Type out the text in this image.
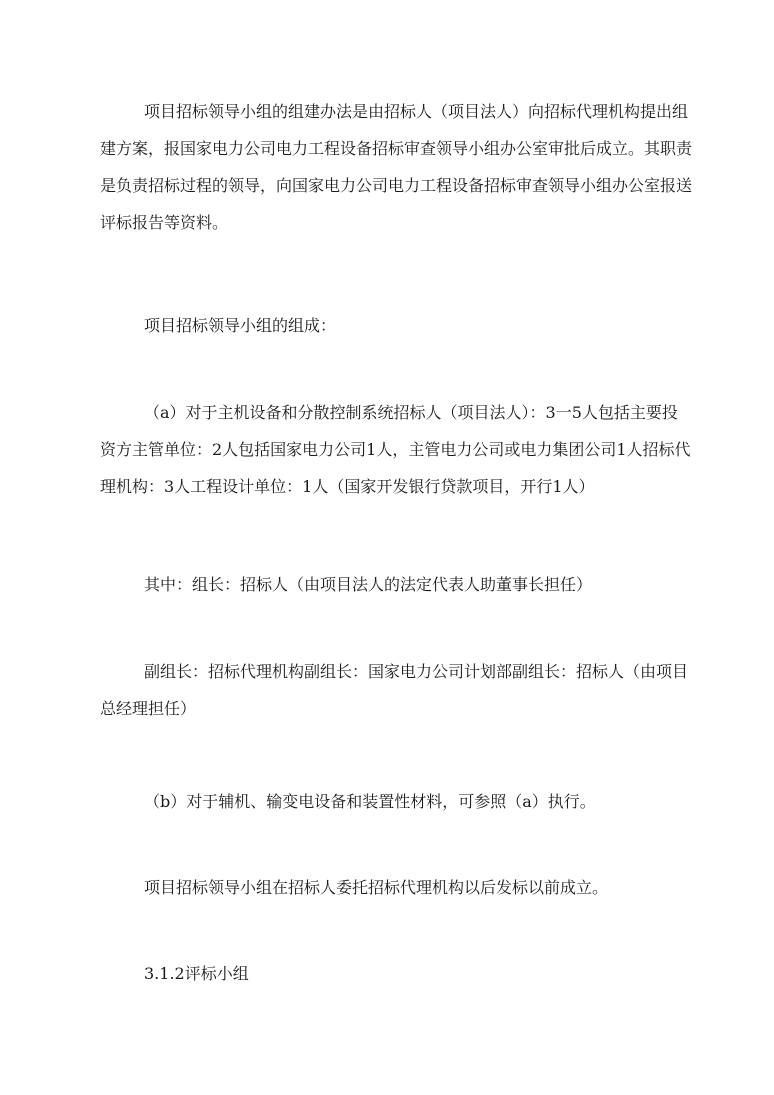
项目招标领导小组的组建办法是由招标人（项目法人）向招标代理机构提出组建方案，报国家电力公司电力工程设备招标审查领导小组办公室审批后成立。其职责是负责招标过程的领导，向国家电力公司电力工程设备招标审查领导小组办公室报送评标报告等资料。

项目招标领导小组的组成：

（a）对于主机设备和分散控制系统招标人（项目法人）：3一5人包括主要投资方主管单位：2人包括国家电力公司1人，主管电力公司或电力集团公司1人招标代理机构：3人工程设计单位：1人（国家开发银行贷款项目，开行1人）

其中：组长：招标人（由项目法人的法定代表人助董事长担任）

副组长：招标代理机构副组长：国家电力公司计划部副组长：招标人（由项目总经理担任）

（b）对于辅机、输变电设备和装置性材料，可参照（a）执行。

项目招标领导小组在招标人委托招标代理机构以后发标以前成立。

3.1.2评标小组
